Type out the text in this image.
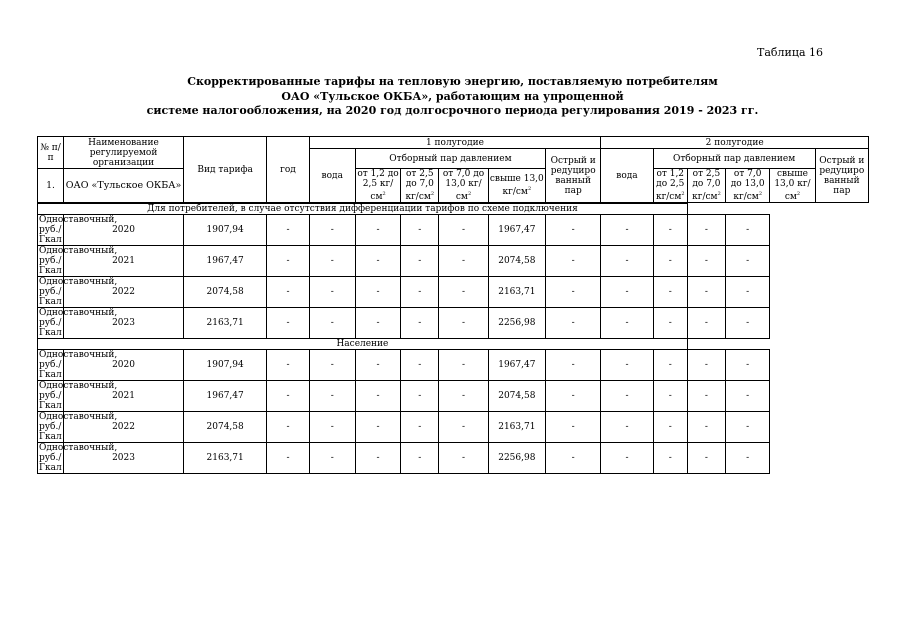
Таблица 16
Скорректированные тарифы на тепловую энергию, поставляемую потребителям
ОАО «Тульское ОКБА», работающим на упрощенной
системе налогообложения, на 2020 год долгосрочного периода регулирования 2019 - 2023 гг.
№ п/п	Наименование регулируемой организации	Вид тарифа	год	1 полугодие						2 полугодие					
				вода	Отборный пар давлением				Острый и редуциро ванный пар	вода	Отборный пар давлением				Острый и редуциро ванный пар
1.	ОАО «Тульское ОКБА»				от 1,2 до 2,5 $кг/см^2$	от 2,5 до 7,0 $кг/см^2$	от 7,0 до 13,0 $кг/см^2$	свыше 13,0 $кг/см^2$			от 1,2 до 2,5 $кг/см^2$	от 2,5 до 7,0 $кг/см^2$	от 7,0 до 13,0 $кг/см^2$	свыше 13,0 $кг/см^2$

Для потребителей, в случае отсутствия дифференциации тарифов по схеме подключения															
Одноставочный, руб./Гкал	2020	1907,94	-	-	-	-	-	1967,47	-	-	-	-	-		
Одноставочный, руб./Гкал	2021	1967,47	-	-	-	-	-	2074,58	-	-	-	-	-		
Одноставочный, руб./Гкал	2022	2074,58	-	-	-	-	-	2163,71	-	-	-	-	-		
Одноставочный, руб./Гкал	2023	2163,71	-	-	-	-	-	2256,98	-	-	-	-	-		
Население															
Одноставочный, руб./Гкал	2020	1907,94	-	-	-	-	-	1967,47	-	-	-	-	-		
Одноставочный, руб./Гкал	2021	1967,47	-	-	-	-	-	2074,58	-	-	-	-	-		
Одноставочный, руб./Гкал	2022	2074,58	-	-	-	-	-	2163,71	-	-	-	-	-		
Одноставочный, руб./Гкал	2023	2163,71	-	-	-	-	-	2256,98	-	-	-	-	-		
